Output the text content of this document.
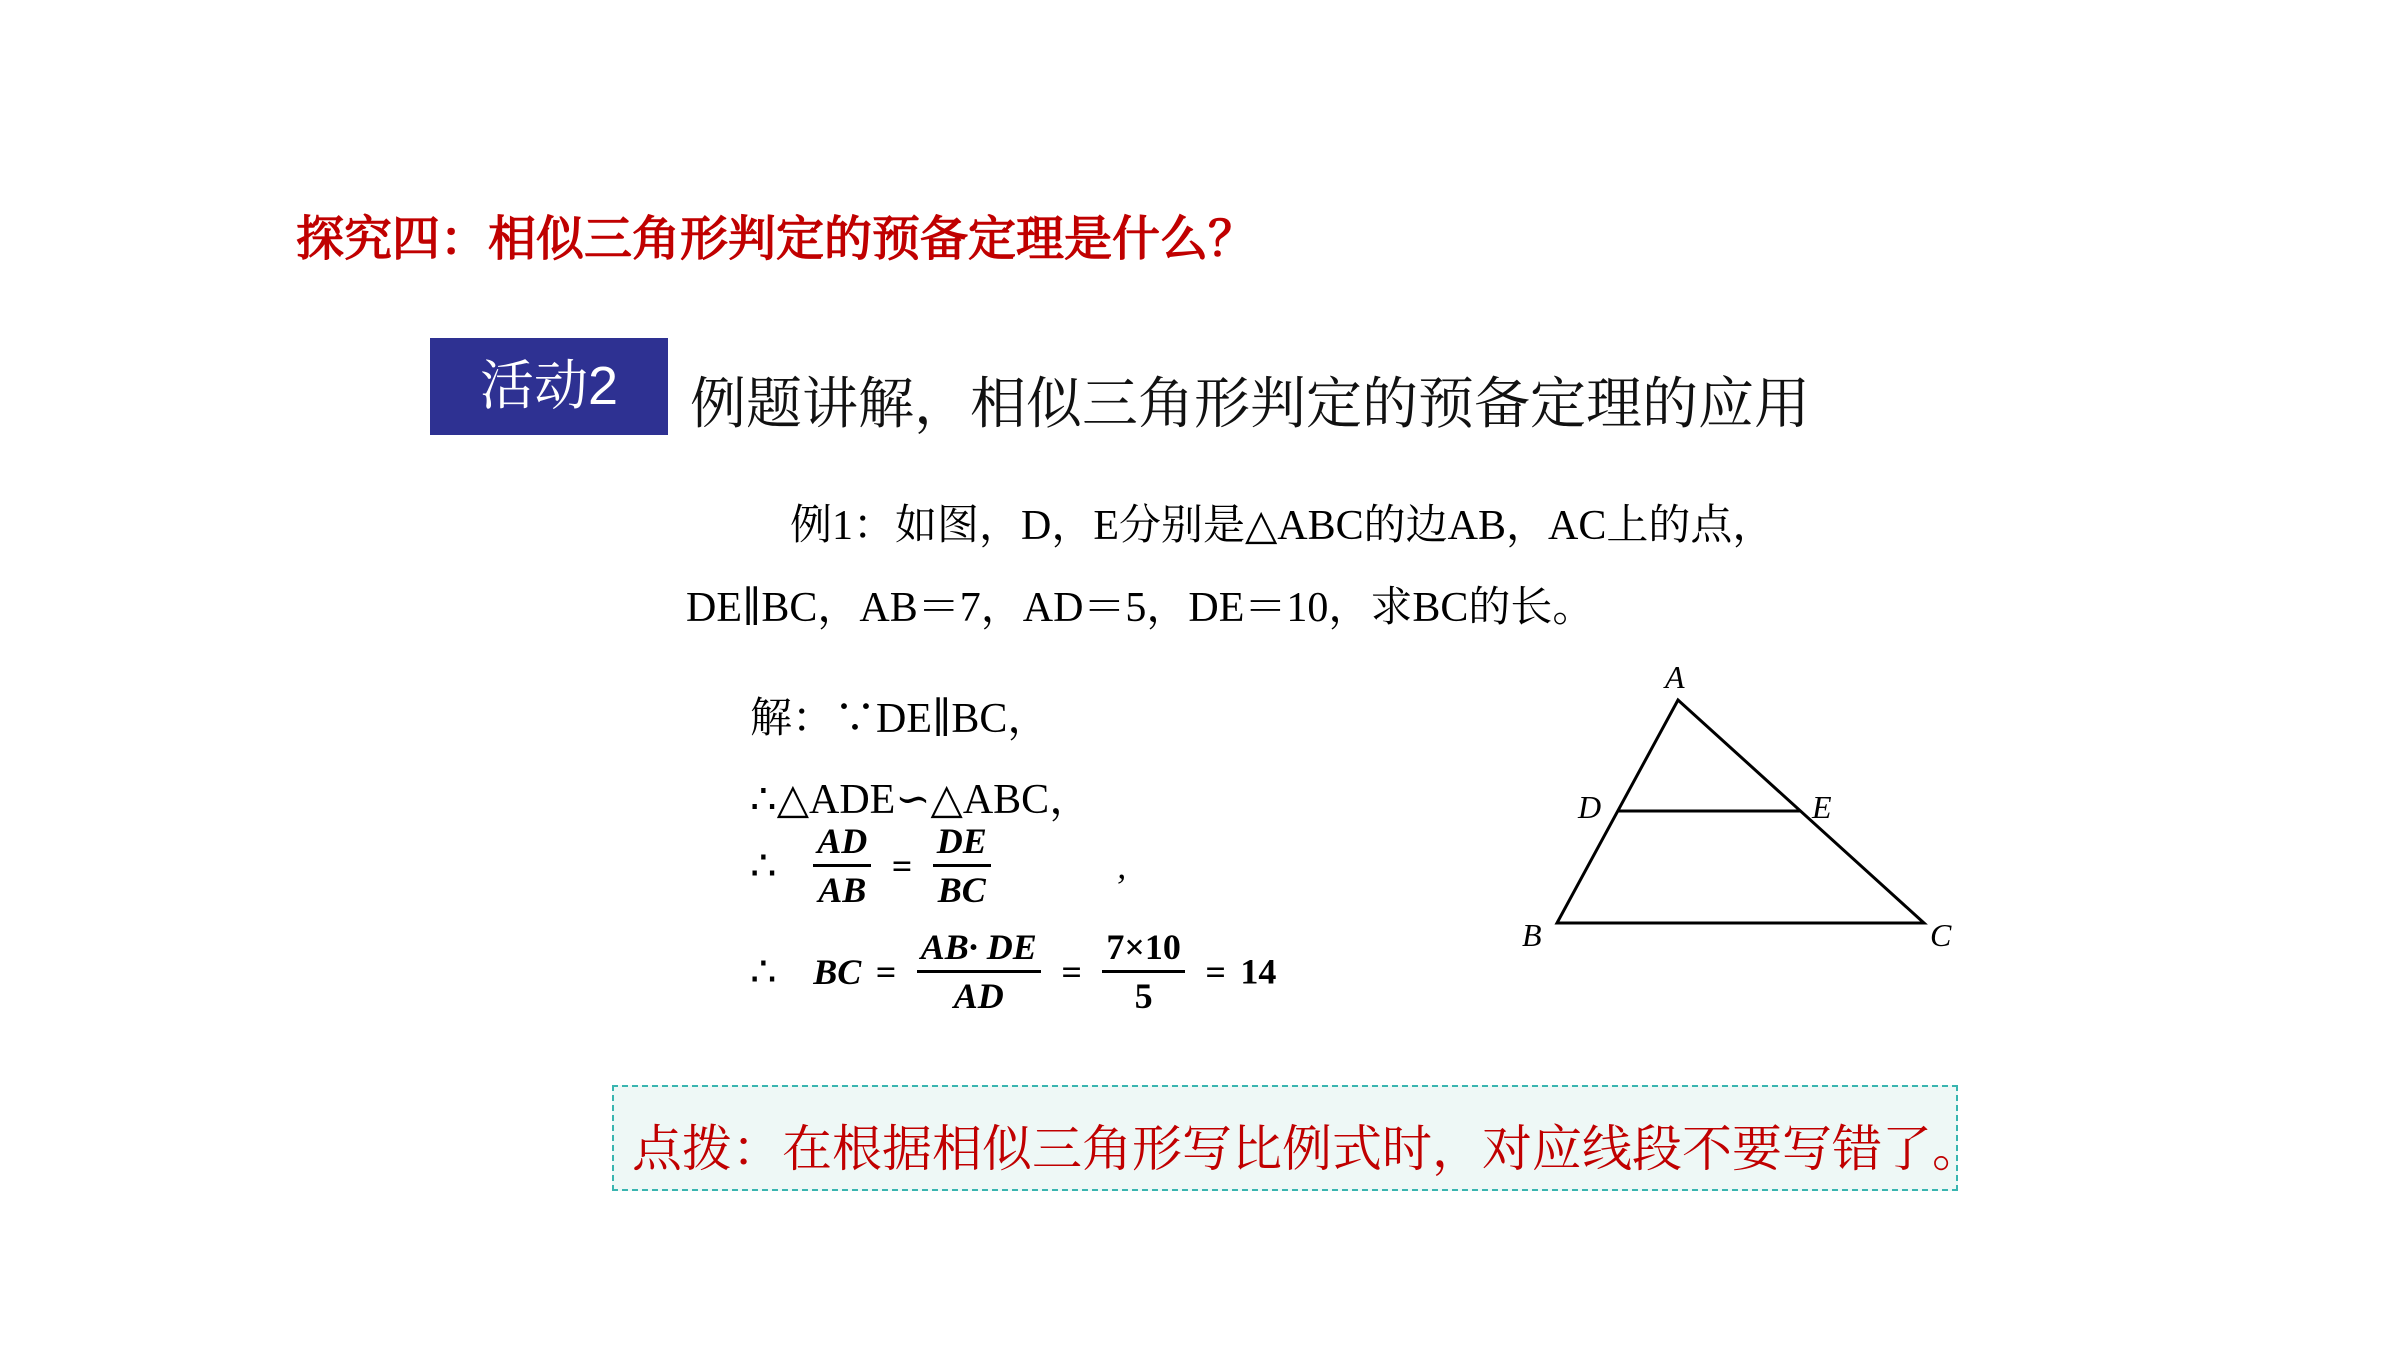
探究四：相似三角形判定的预备定理是什么？
活动2	例题讲解，相似三角形判定的预备定理的应用
例1：如图，D，E分别是△ABC的边AB，AC上的点，
DE∥BC，AB＝7，AD＝5，DE＝10，求BC的长。
解：∵DE∥BC，
∴△ADE∽△ABC，
∴ $\frac{AD}{AB} = \frac{DE}{BC}$	,
∴ BC = $\frac{AB\cdot DE}{AD} = \frac{7\times 10}{5} = 14$
A
D	E
B	C
点拨：在根据相似三角形写比例式时，对应线段不要写错了。
